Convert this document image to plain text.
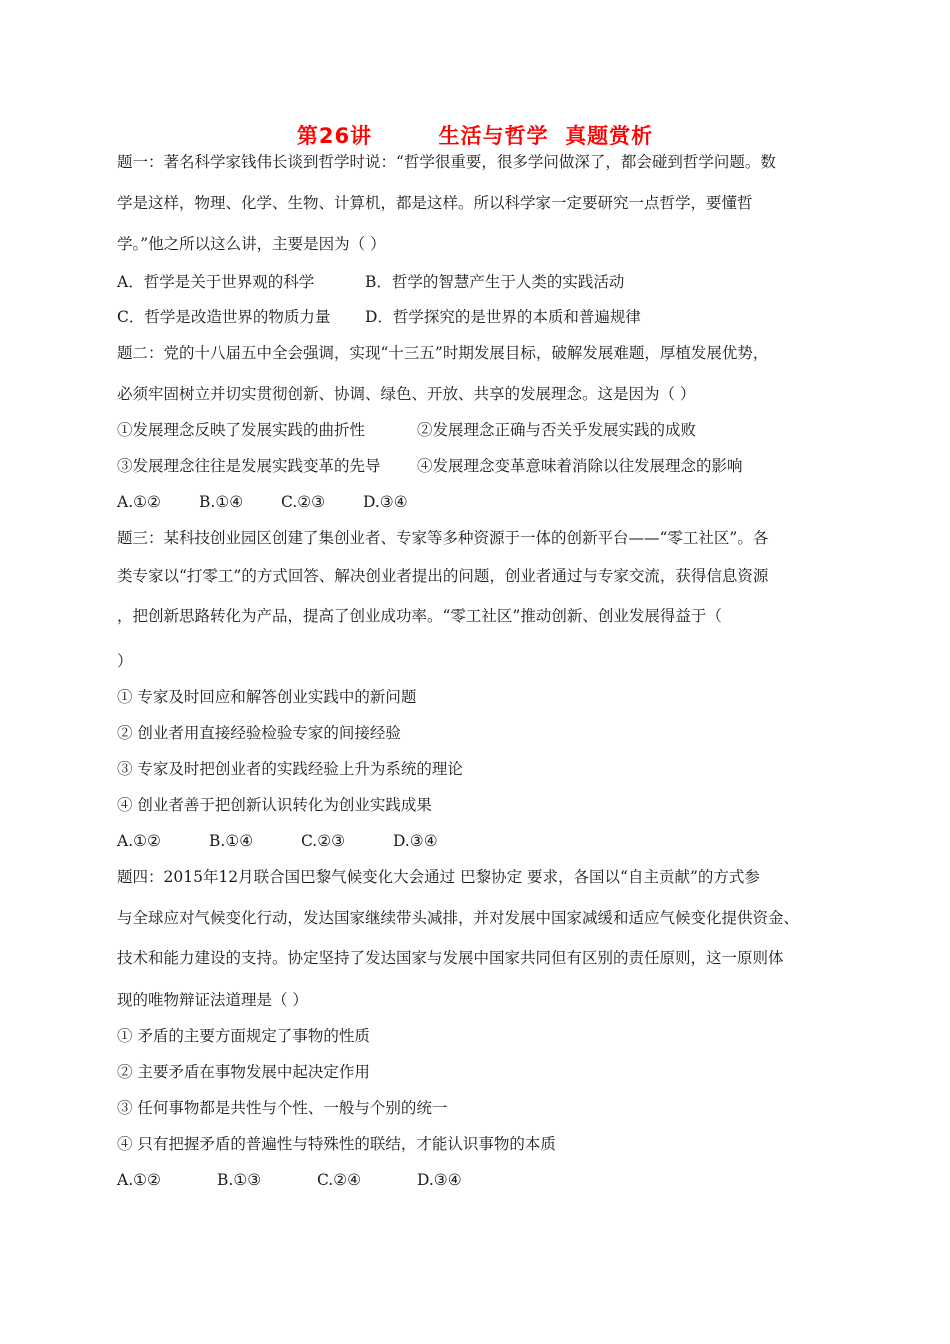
第26讲        生活与哲学  真题赏析
题一：著名科学家钱伟长谈到哲学时说：“哲学很重要，很多学问做深了，都会碰到哲学问题。数
学是这样，物理、化学、生物、计算机，都是这样。所以科学家一定要研究一点哲学，要懂哲
学。”他之所以这么讲，主要是因为（ ）
A．哲学是关于世界观的科学	B．哲学的智慧产生于人类的实践活动
C．哲学是改造世界的物质力量 D．哲学探究的是世界的本质和普遍规律
题二：党的十八届五中全会强调，实现“十三五”时期发展目标，破解发展难题，厚植发展优势，
必须牢固树立并切实贯彻创新、协调、绿色、开放、共享的发展理念。这是因为（ ）
①发展理念反映了发展实践的曲折性	②发展理念正确与否关乎发展实践的成败
③发展理念往往是发展实践变革的先导 ④发展理念变革意味着消除以往发展理念的影响
A.①② B.①④ C.②③ D.③④
题三：某科技创业园区创建了集创业者、专家等多种资源于一体的创新平台——“零工社区”。各
类专家以“打零工”的方式回答、解决创业者提出的问题，创业者通过与专家交流，获得信息资源
，把创新思路转化为产品，提高了创业成功率。“零工社区”推动创新、创业发展得益于（
）
① 专家及时回应和解答创业实践中的新问题
② 创业者用直接经验检验专家的间接经验
③ 专家及时把创业者的实践经验上升为系统的理论
④ 创业者善于把创新认识转化为创业实践成果
A.①②	B.①④	C.②③	D.③④
题四：2015年12月联合国巴黎气候变化大会通过 巴黎协定 要求，各国以“自主贡献”的方式参
与全球应对气候变化行动，发达国家继续带头减排，并对发展中国家减缓和适应气候变化提供资金、
技术和能力建设的支持。协定坚持了发达国家与发展中国家共同但有区别的责任原则，这一原则体
现的唯物辩证法道理是（ ）
① 矛盾的主要方面规定了事物的性质
② 主要矛盾在事物发展中起决定作用
③ 任何事物都是共性与个性、一般与个别的统一
④ 只有把握矛盾的普遍性与特殊性的联结，才能认识事物的本质
A.①②	B.①③	C.②④	D.③④
